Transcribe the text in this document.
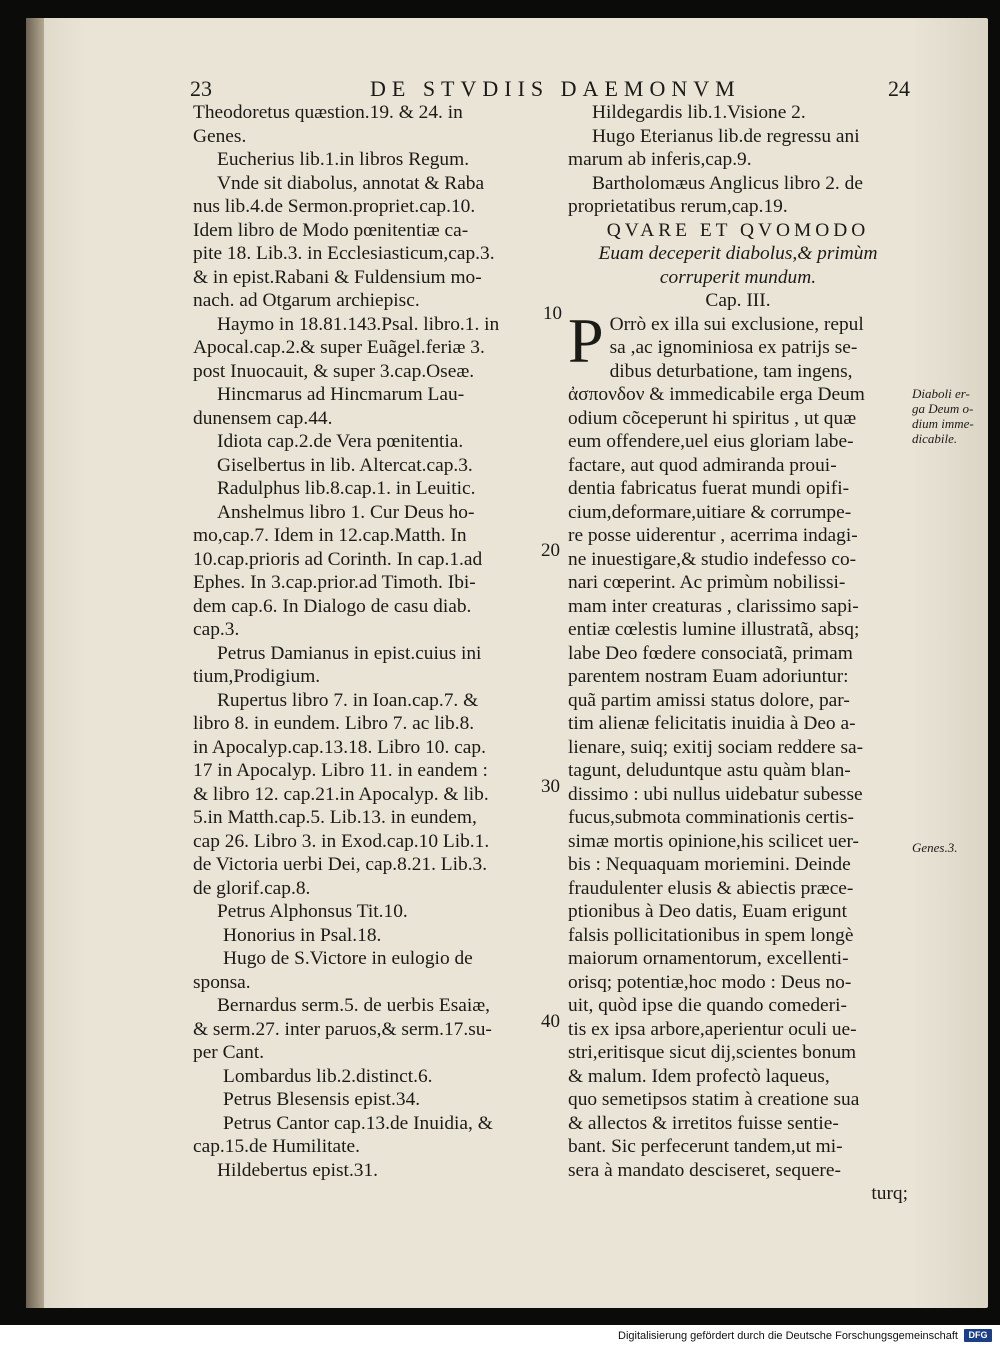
23	DE STVDIIS DAEMONVM	24
Theodoretus quæstion.19. & 24. in
Genes.
Eucherius lib.1.in libros Regum.
Vnde sit diabolus, annotat & Raba
nus lib.4.de Sermon.propriet.cap.10.
Idem libro de Modo pœnitentiæ ca-
pite 18. Lib.3. in Ecclesiasticum,cap.3.
& in epist.Rabani & Fuldensium mo-
nach. ad Otgarum archiepisc.
Haymo in 18.81.143.Psal. libro.1. in
Apocal.cap.2.& super Euãgel.feriæ 3.
post Inuocauit, & super 3.cap.Oseæ.
Hincmarus ad Hincmarum Lau-
dunensem cap.44.
Idiota cap.2.de Vera pœnitentia.
Giselbertus in lib. Altercat.cap.3.
Radulphus lib.8.cap.1. in Leuitic.
Anshelmus libro 1. Cur Deus ho-
mo,cap.7. Idem in 12.cap.Matth. In
10.cap.prioris ad Corinth. In cap.1.ad
Ephes. In 3.cap.prior.ad Timoth. Ibi-
dem cap.6. In Dialogo de casu diab.
cap.3.
Petrus Damianus in epist.cuius ini
tium,Prodigium.
Rupertus libro 7. in Ioan.cap.7. &
libro 8. in eundem. Libro 7. ac lib.8.
in Apocalyp.cap.13.18. Libro 10. cap.
17 in Apocalyp. Libro 11. in eandem :
& libro 12. cap.21.in Apocalyp. & lib.
5.in Matth.cap.5. Lib.13. in eundem,
cap 26. Libro 3. in Exod.cap.10 Lib.1.
de Victoria uerbi Dei, cap.8.21. Lib.3.
de glorif.cap.8.
Petrus Alphonsus Tit.10.
Honorius in Psal.18.
Hugo de S.Victore in eulogio de
sponsa.
Bernardus serm.5. de uerbis Esaiæ,
& serm.27. inter paruos,& serm.17.su-
per Cant.
Lombardus lib.2.distinct.6.
Petrus Blesensis epist.34.
Petrus Cantor cap.13.de Inuidia, &
cap.15.de Humilitate.
Hildebertus epist.31.
Hildegardis lib.1.Visione 2.
Hugo Eterianus lib.de regressu ani
marum ab inferis,cap.9.
Bartholomæus Anglicus libro 2. de
proprietatibus rerum,cap.19.
QVARE ET QVOMODO
Euam deceperit diabolus,& primùm
corruperit mundum.
Cap. III.
P Orrò ex illa sui exclusione, repul
sa ,ac ignominiosa ex patrijs se-
dibus deturbatione, tam ingens,
ἀσπονδον & immedicabile erga Deum
odium cõceperunt hi spiritus , ut quæ
eum offendere,uel eius gloriam labe-
factare, aut quod admiranda proui-
dentia fabricatus fuerat mundi opifi-
cium,deformare,uitiare & corrumpe-
re posse uiderentur , acerrima indagi-
ne inuestigare,& studio indefesso co-
nari cœperint. Ac primùm nobilissi-
mam inter creaturas , clarissimo sapi-
entiæ cœlestis lumine illustratã, absq;
labe Deo fœdere consociatã, primam
parentem nostram Euam adoriuntur:
quã partim amissi status dolore, par-
tim alienæ felicitatis inuidia à Deo a-
lienare, suiq; exitij sociam reddere sa-
tagunt, deluduntque astu quàm blan-
dissimo : ubi nullus uidebatur subesse
fucus,submota comminationis certis-
simæ mortis opinione,his scilicet uer-
bis : Nequaquam moriemini. Deinde
fraudulenter elusis & abiectis præce-
ptionibus à Deo datis, Euam erigunt
falsis pollicitationibus in spem longè
maiorum ornamentorum, excellenti-
orisq; potentiæ,hoc modo : Deus no-
uit, quòd ipse die quando comederi-
tis ex ipsa arbore,aperientur oculi ue-
stri,eritisque sicut dij,scientes bonum
& malum. Idem profectò laqueus,
quo semetipsos statim à creatione sua
& allectos & irretitos fuisse sentie-
bant. Sic perfecerunt tandem,ut mi-
sera à mandato desciseret, sequere-
turq;
10
20
30
40
Diaboli er-
ga Deum o-
dium imme-
dicabile.
Genes.3.
Digitalisierung gefördert durch die Deutsche Forschungsgemeinschaft	DFG
